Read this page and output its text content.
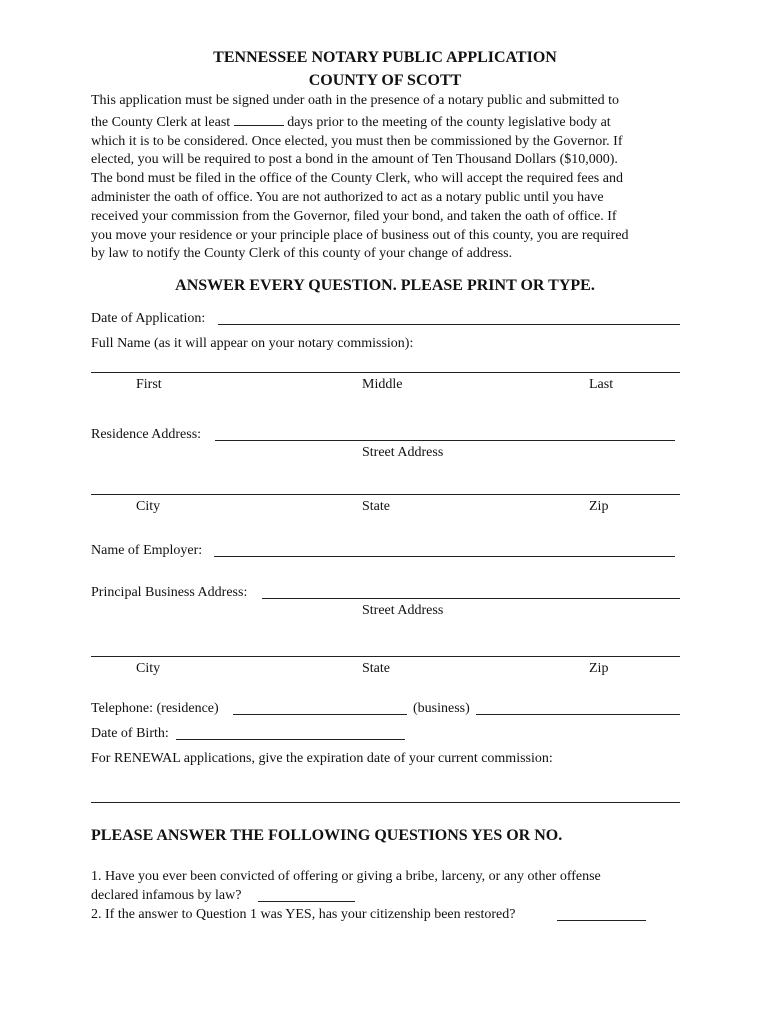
TENNESSEE NOTARY PUBLIC APPLICATION
COUNTY OF SCOTT
This application must be signed under oath in the presence of a notary public and submitted to
the County Clerk at least	days prior to the meeting of the county legislative body at
which it is to be considered. Once elected, you must then be commissioned by the Governor. If
elected, you will be required to post a bond in the amount of Ten Thousand Dollars ($10,000).
The bond must be filed in the office of the County Clerk, who will accept the required fees and
administer the oath of office. You are not authorized to act as a notary public until you have
received your commission from the Governor, filed your bond, and taken the oath of office. If
you move your residence or your principle place of business out of this county, you are required
by law to notify the County Clerk of this county of your change of address.
ANSWER EVERY QUESTION. PLEASE PRINT OR TYPE.
Date of Application:
Full Name (as it will appear on your notary commission):
First	Middle	Last
Residence Address:
Street Address
City	State	Zip
Name of Employer:
Principal Business Address:
Street Address
City	State	Zip
Telephone: (residence)	(business)
Date of Birth:
For RENEWAL applications, give the expiration date of your current commission:
PLEASE ANSWER THE FOLLOWING QUESTIONS YES OR NO.
1. Have you ever been convicted of offering or giving a bribe, larceny, or any other offense
declared infamous by law?
2. If the answer to Question 1 was YES, has your citizenship been restored?
